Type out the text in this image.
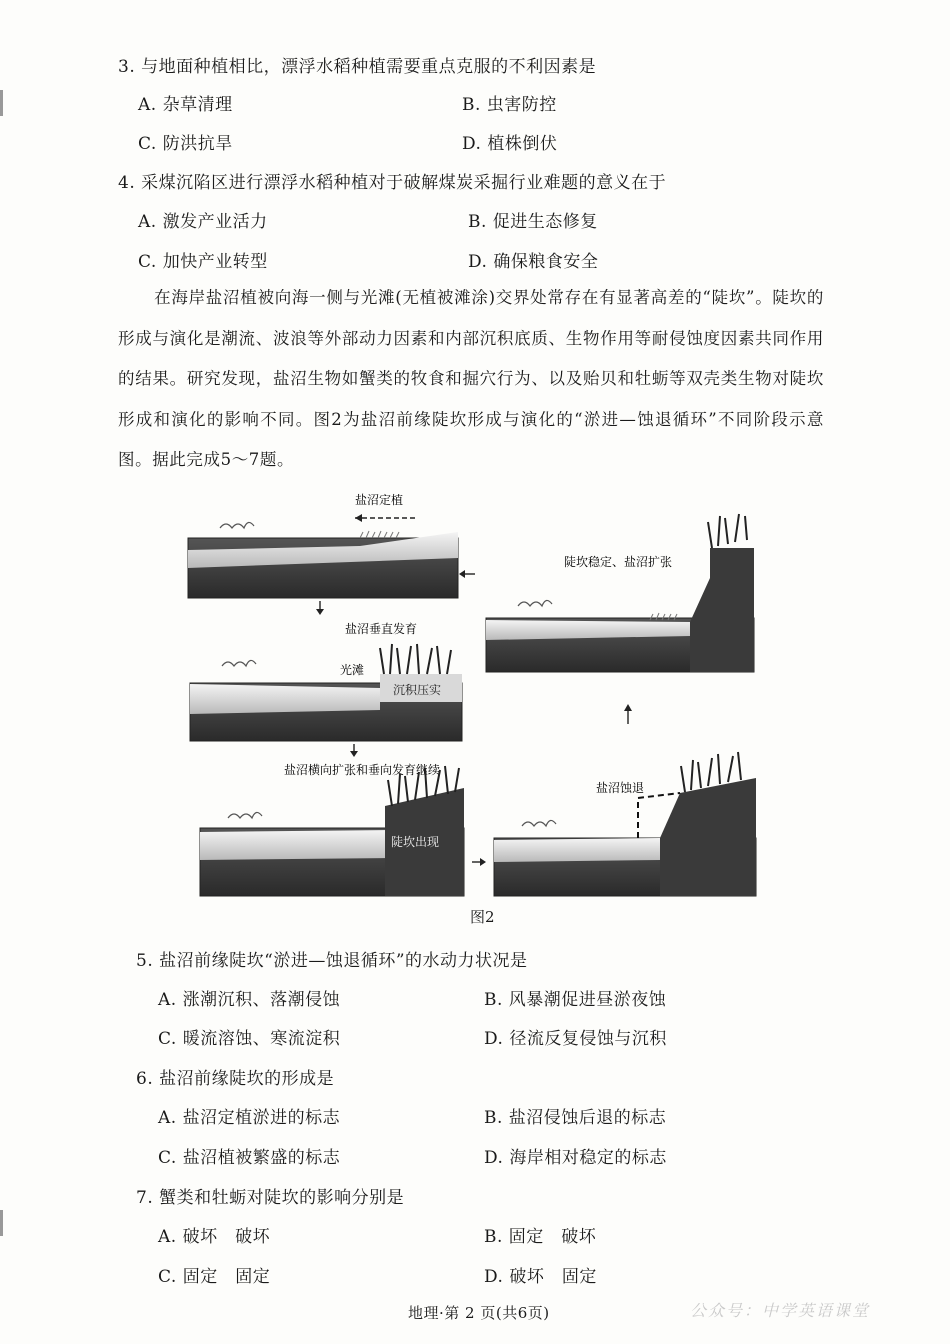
3. 与地面种植相比，漂浮水稻种植需要重点克服的不利因素是
A. 杂草清理	B. 虫害防控
C. 防洪抗旱	D. 植株倒伏
4. 采煤沉陷区进行漂浮水稻种植对于破解煤炭采掘行业难题的意义在于
A. 激发产业活力	B. 促进生态修复
C. 加快产业转型	D. 确保粮食安全
在海岸盐沼植被向海一侧与光滩(无植被滩涂)交界处常存在有显著高差的“陡坎”。陡坎的形成与演化是潮流、波浪等外部动力因素和内部沉积底质、生物作用等耐侵蚀度因素共同作用的结果。研究发现，盐沼生物如蟹类的牧食和掘穴行为、以及贻贝和牡蛎等双壳类生物对陡坎形成和演化的影响不同。图2为盐沼前缘陡坎形成与演化的“淤进—蚀退循环”不同阶段示意图。据此完成5～7题。
盐沼定植
盐沼垂直发育
光滩
沉积压实
盐沼横向扩张和垂向发育继续
陡坎出现
盐沼蚀退
陡坎稳定、盐沼扩张
图2
5. 盐沼前缘陡坎“淤进—蚀退循环”的水动力状况是
A. 涨潮沉积、落潮侵蚀	B. 风暴潮促进昼淤夜蚀
C. 暖流溶蚀、寒流淀积	D. 径流反复侵蚀与沉积
6. 盐沼前缘陡坎的形成是
A. 盐沼定植淤进的标志	B. 盐沼侵蚀后退的标志
C. 盐沼植被繁盛的标志	D. 海岸相对稳定的标志
7. 蟹类和牡蛎对陡坎的影响分别是
A. 破坏　破坏	B. 固定　破坏
C. 固定　固定	D. 破坏　固定
地理·第 2 页(共6页)	公众号：中学英语课堂
